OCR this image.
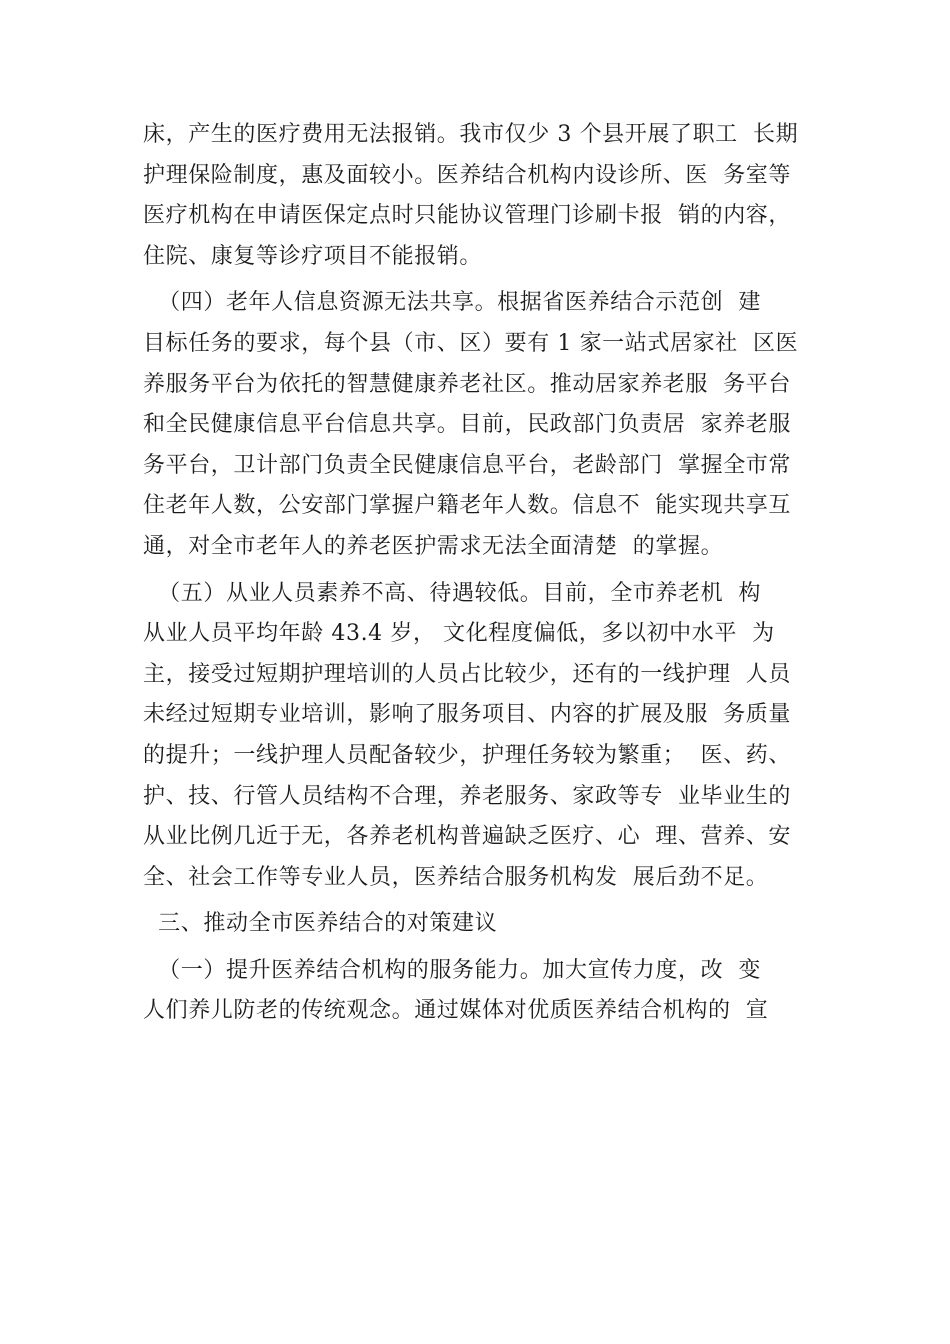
床，产生的医疗费用无法报销。我市仅少 3 个县开展了职工  长期
护理保险制度，惠及面较小。医养结合机构内设诊所、医  务室等
医疗机构在申请医保定点时只能协议管理门诊刷卡报  销的内容，
住院、康复等诊疗项目不能报销。
（四）老年人信息资源无法共享。根据省医养结合示范创  建
目标任务的要求，每个县（市、区）要有 1 家一站式居家社  区医
养服务平台为依托的智慧健康养老社区。推动居家养老服  务平台
和全民健康信息平台信息共享。目前，民政部门负责居  家养老服
务平台，卫计部门负责全民健康信息平台，老龄部门  掌握全市常
住老年人数，公安部门掌握户籍老年人数。信息不  能实现共享互
通，对全市老年人的养老医护需求无法全面清楚  的掌握。
（五）从业人员素养不高、待遇较低。目前，全市养老机  构
从业人员平均年龄 43.4 岁， 文化程度偏低，多以初中水平  为
主，接受过短期护理培训的人员占比较少，还有的一线护理  人员
未经过短期专业培训，影响了服务项目、内容的扩展及服  务质量
的提升；一线护理人员配备较少，护理任务较为繁重；  医、药、
护、技、行管人员结构不合理，养老服务、家政等专  业毕业生的
从业比例几近于无，各养老机构普遍缺乏医疗、心  理、营养、安
全、社会工作等专业人员，医养结合服务机构发  展后劲不足。
三、推动全市医养结合的对策建议
（一）提升医养结合机构的服务能力。加大宣传力度，改  变
人们养儿防老的传统观念。通过媒体对优质医养结合机构的  宣
